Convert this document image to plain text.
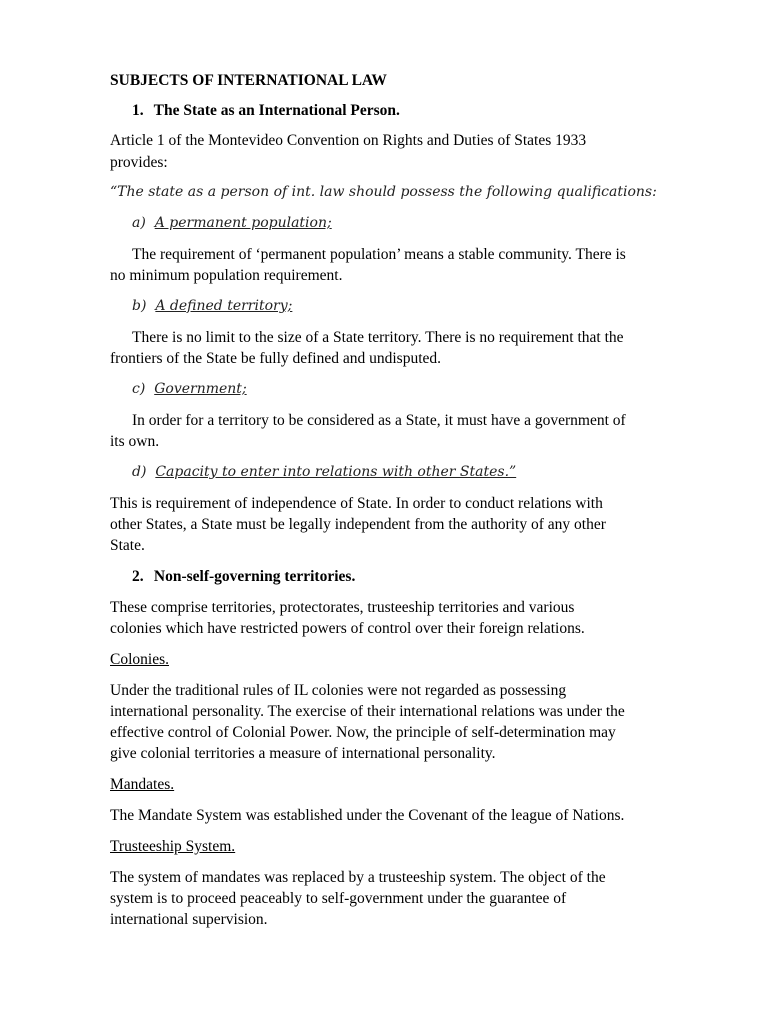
SUBJECTS OF INTERNATIONAL LAW

1. The State as an International Person.

Article 1 of the Montevideo Convention on Rights and Duties of States 1933

provides:

“The state as a person of int. law should possess the following qualifications:

a) A permanent population;

The requirement of ‘permanent population’ means a stable community. There is

no minimum population requirement.

b) A defined territory;

There is no limit to the size of a State territory. There is no requirement that the

frontiers of the State be fully defined and undisputed.

c) Government;

In order for a territory to be considered as a State, it must have a government of

its own.

d) Capacity to enter into relations with other States.”

This is requirement of independence of State. In order to conduct relations with

other States, a State must be legally independent from the authority of any other

State.

2. Non-self-governing territories.

These comprise territories, protectorates, trusteeship territories and various

colonies which have restricted powers of control over their foreign relations.

Colonies.

Under the traditional rules of IL colonies were not regarded as possessing

international personality. The exercise of their international relations was under the

effective control of Colonial Power. Now, the principle of self-determination may

give colonial territories a measure of international personality.

Mandates.

The Mandate System was established under the Covenant of the league of Nations.

Trusteeship System.

The system of mandates was replaced by a trusteeship system. The object of the

system is to proceed peaceably to self-government under the guarantee of

international supervision.
